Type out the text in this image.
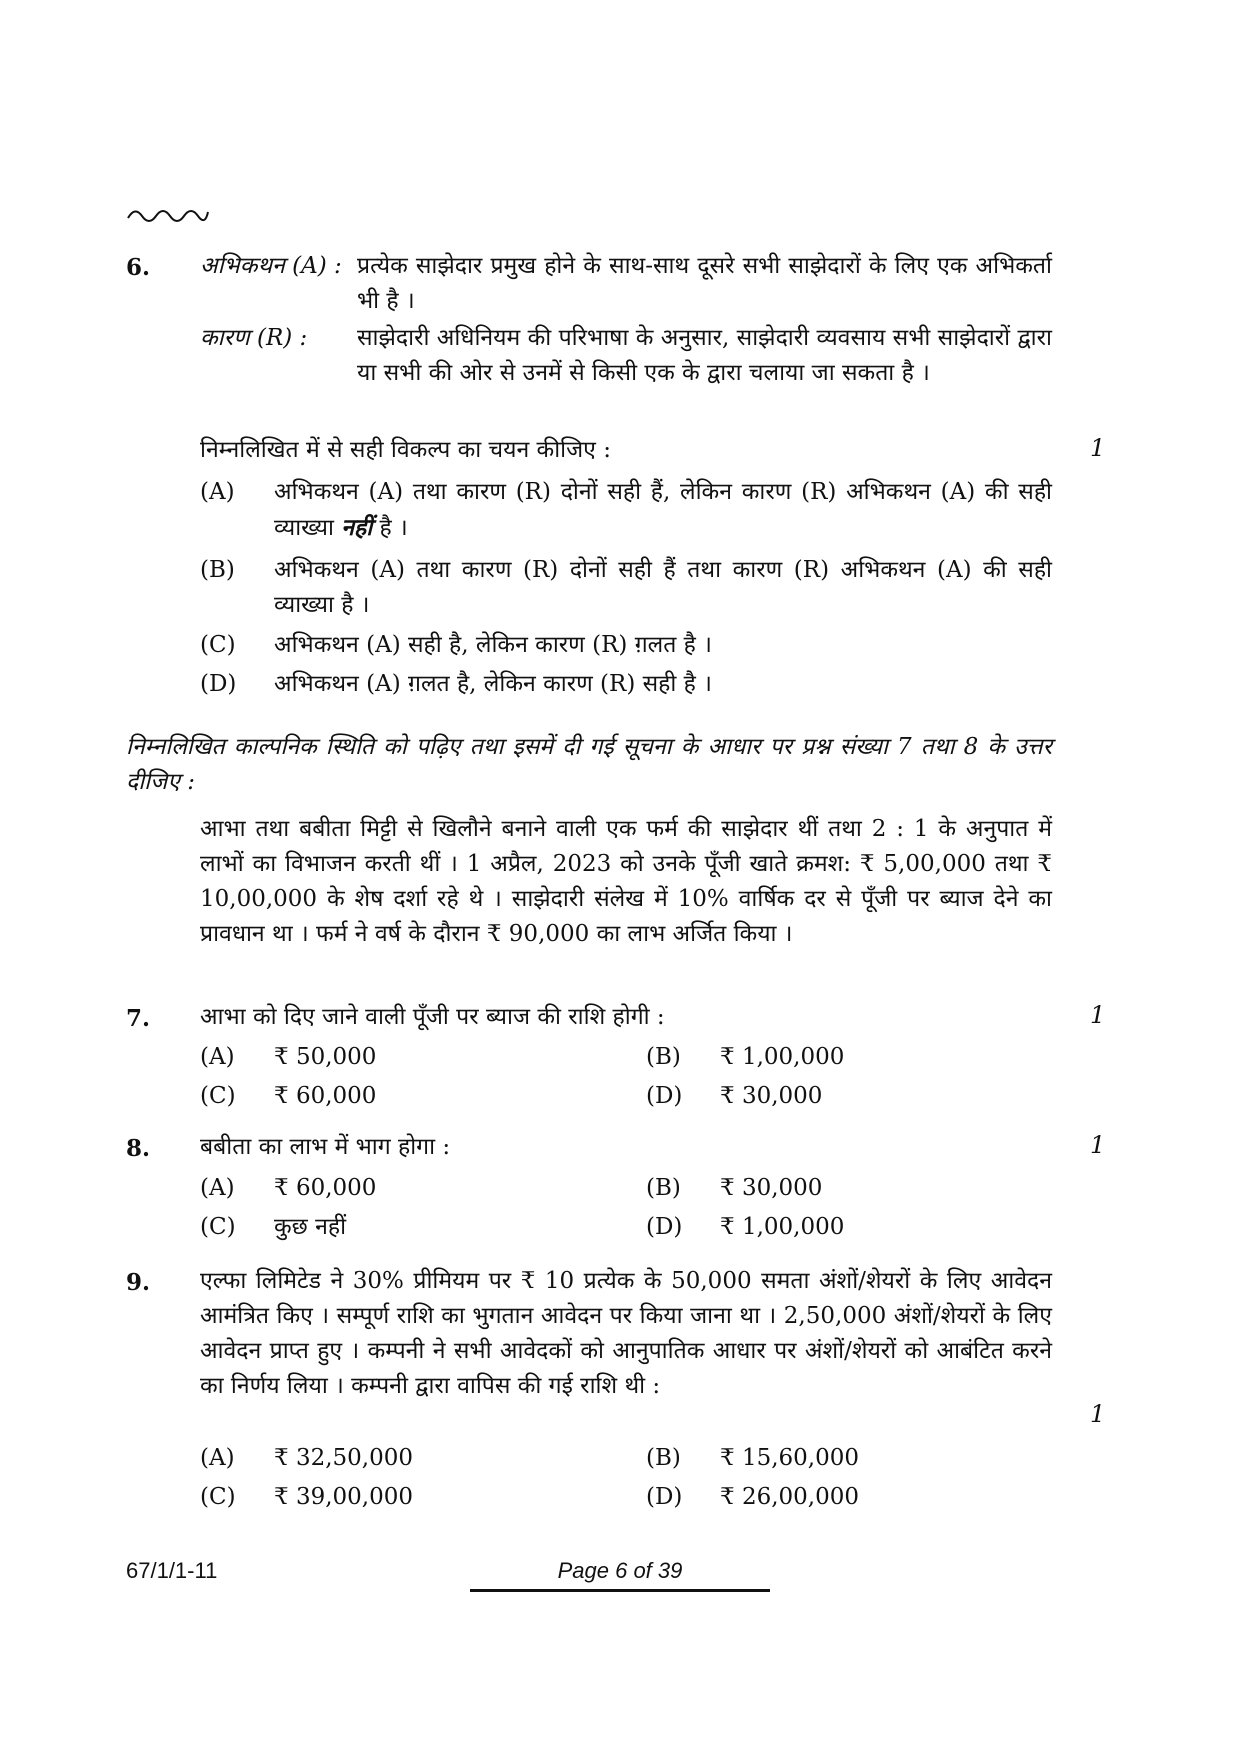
6. अभिकथन (A) : प्रत्येक साझेदार प्रमुख होने के साथ-साथ दूसरे सभी साझेदारों के लिए एक अभिकर्ता भी है ।
कारण (R) : साझेदारी अधिनियम की परिभाषा के अनुसार, साझेदारी व्यवसाय सभी साझेदारों द्वारा या सभी की ओर से उनमें से किसी एक के द्वारा चलाया जा सकता है ।
निम्नलिखित में से सही विकल्प का चयन कीजिए :	1
(A) अभिकथन (A) तथा कारण (R) दोनों सही हैं, लेकिन कारण (R) अभिकथन (A) की सही व्याख्या नहीं है ।
(B) अभिकथन (A) तथा कारण (R) दोनों सही हैं तथा कारण (R) अभिकथन (A) की सही व्याख्या है ।
(C) अभिकथन (A) सही है, लेकिन कारण (R) ग़लत है ।
(D) अभिकथन (A) ग़लत है, लेकिन कारण (R) सही है ।
निम्नलिखित काल्पनिक स्थिति को पढ़िए तथा इसमें दी गई सूचना के आधार पर प्रश्न संख्या 7 तथा 8 के उत्तर दीजिए :
आभा तथा बबीता मिट्टी से खिलौने बनाने वाली एक फर्म की साझेदार थीं तथा 2 : 1 के अनुपात में लाभों का विभाजन करती थीं । 1 अप्रैल, 2023 को उनके पूँजी खाते क्रमश: ₹ 5,00,000 तथा ₹ 10,00,000 के शेष दर्शा रहे थे । साझेदारी संलेख में 10% वार्षिक दर से पूँजी पर ब्याज देने का प्रावधान था । फर्म ने वर्ष के दौरान ₹ 90,000 का लाभ अर्जित किया ।
7. आभा को दिए जाने वाली पूँजी पर ब्याज की राशि होगी :	1
(A) ₹ 50,000	(B) ₹ 1,00,000
(C) ₹ 60,000	(D) ₹ 30,000
8. बबीता का लाभ में भाग होगा :	1
(A) ₹ 60,000	(B) ₹ 30,000
(C) कुछ नहीं	(D) ₹ 1,00,000
9. एल्फा लिमिटेड ने 30% प्रीमियम पर ₹ 10 प्रत्येक के 50,000 समता अंशों/शेयरों के लिए आवेदन आमंत्रित किए । सम्पूर्ण राशि का भुगतान आवेदन पर किया जाना था । 2,50,000 अंशों/शेयरों के लिए आवेदन प्राप्त हुए । कम्पनी ने सभी आवेदकों को आनुपातिक आधार पर अंशों/शेयरों को आबंटित करने का निर्णय लिया । कम्पनी द्वारा वापिस की गई राशि थी :
1
(A) ₹ 32,50,000	(B) ₹ 15,60,000
(C) ₹ 39,00,000	(D) ₹ 26,00,000
67/1/1-11	Page 6 of 39
